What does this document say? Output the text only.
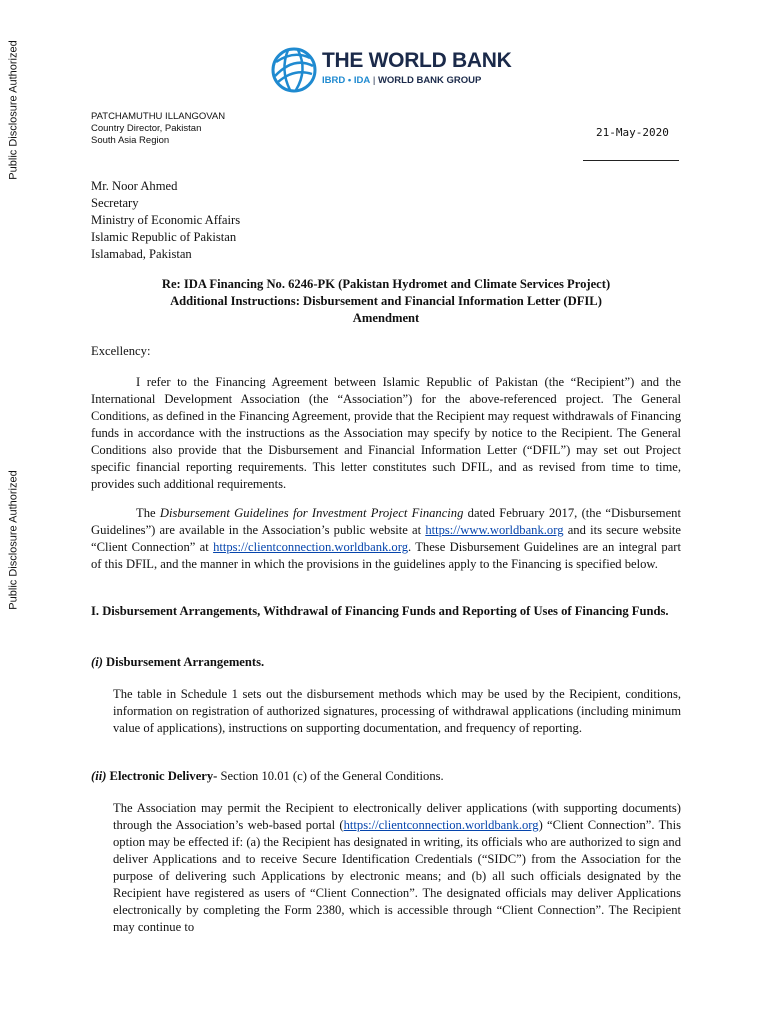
Public Disclosure Authorized
Public Disclosure Authorized
THE WORLD BANK
IBRD • IDA | WORLD BANK GROUP
PATCHAMUTHU ILLANGOVAN
Country Director, Pakistan
South Asia Region
21-May-2020
Mr. Noor Ahmed
Secretary
Ministry of Economic Affairs
Islamic Republic of Pakistan
Islamabad, Pakistan
Re: IDA Financing No. 6246-PK (Pakistan Hydromet and Climate Services Project)
Additional Instructions: Disbursement and Financial Information Letter (DFIL)
Amendment
Excellency:
I refer to the Financing Agreement between Islamic Republic of Pakistan (the “Recipient”) and the International Development Association (the “Association”) for the above-referenced project. The General Conditions, as defined in the Financing Agreement, provide that the Recipient may request withdrawals of Financing funds in accordance with the instructions as the Association may specify by notice to the Recipient. The General Conditions also provide that the Disbursement and Financial Information Letter (“DFIL”) may set out Project specific financial reporting requirements. This letter constitutes such DFIL, and as revised from time to time, provides such additional requirements.
The Disbursement Guidelines for Investment Project Financing dated February 2017, (the “Disbursement Guidelines”) are available in the Association’s public website at https://www.worldbank.org and its secure website “Client Connection” at https://clientconnection.worldbank.org. These Disbursement Guidelines are an integral part of this DFIL, and the manner in which the provisions in the guidelines apply to the Financing is specified below.
I. Disbursement Arrangements, Withdrawal of Financing Funds and Reporting of Uses of Financing Funds.
(i) Disbursement Arrangements.
The table in Schedule 1 sets out the disbursement methods which may be used by the Recipient, conditions, information on registration of authorized signatures, processing of withdrawal applications (including minimum value of applications), instructions on supporting documentation, and frequency of reporting.
(ii) Electronic Delivery- Section 10.01 (c) of the General Conditions.
The Association may permit the Recipient to electronically deliver applications (with supporting documents) through the Association’s web-based portal (https://clientconnection.worldbank.org) “Client Connection”. This option may be effected if: (a) the Recipient has designated in writing, its officials who are authorized to sign and deliver Applications and to receive Secure Identification Credentials (“SIDC”) from the Association for the purpose of delivering such Applications by electronic means; and (b) all such officials designated by the Recipient have registered as users of “Client Connection”. The designated officials may deliver Applications electronically by completing the Form 2380, which is accessible through “Client Connection”. The Recipient may continue to
